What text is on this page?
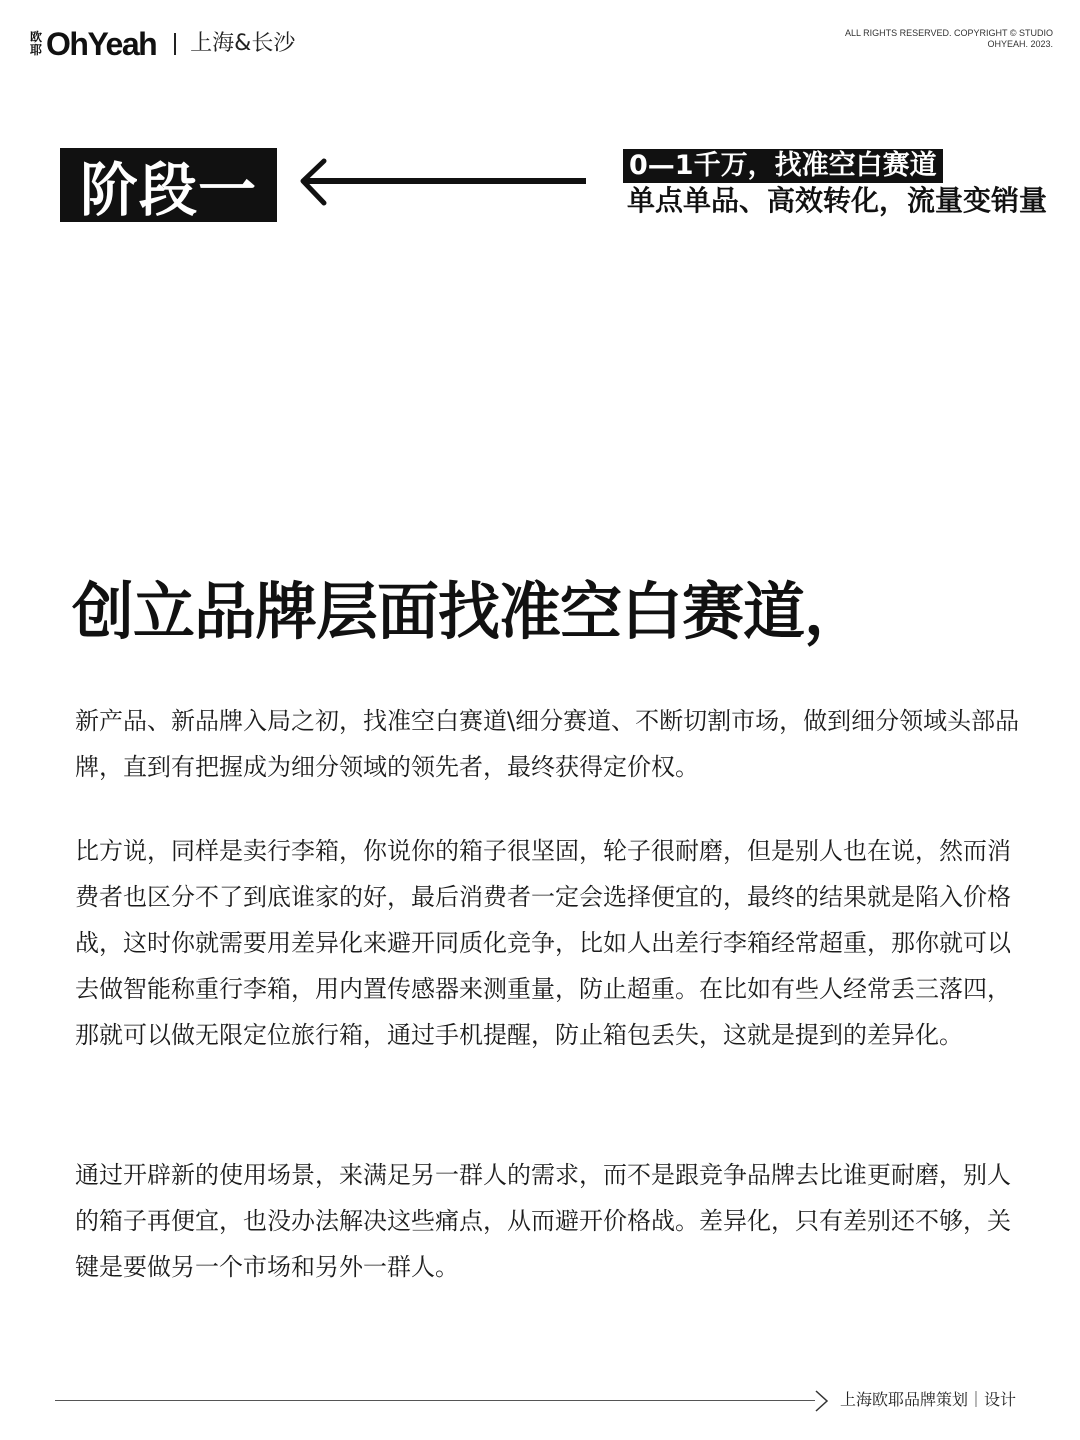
欧
耶 OhYeah 上海&长沙	ALL RIGHTS RESERVED. COPYRIGHT © STUDIO
OHYEAH. 2023.
阶段一	0—1千万，找准空白赛道
单点单品、高效转化，流量变销量
创立品牌层面找准空白赛道，

新产品、新品牌入局之初，找准空白赛道\细分赛道、不断切割市场，做到细分领域头部品牌，直到有把握成为细分领域的领先者，最终获得定价权。

比方说，同样是卖行李箱，你说你的箱子很坚固，轮子很耐磨，但是别人也在说，然而消费者也区分不了到底谁家的好，最后消费者一定会选择便宜的，最终的结果就是陷入价格战，这时你就需要用差异化来避开同质化竞争，比如人出差行李箱经常超重，那你就可以去做智能称重行李箱，用内置传感器来测重量，防止超重。在比如有些人经常丢三落四，那就可以做无限定位旅行箱，通过手机提醒，防止箱包丢失，这就是提到的差异化。

通过开辟新的使用场景，来满足另一群人的需求，而不是跟竞争品牌去比谁更耐磨，别人的箱子再便宜，也没办法解决这些痛点，从而避开价格战。差异化，只有差别还不够，关键是要做另一个市场和另外一群人。

上海欧耶品牌策划｜设计
